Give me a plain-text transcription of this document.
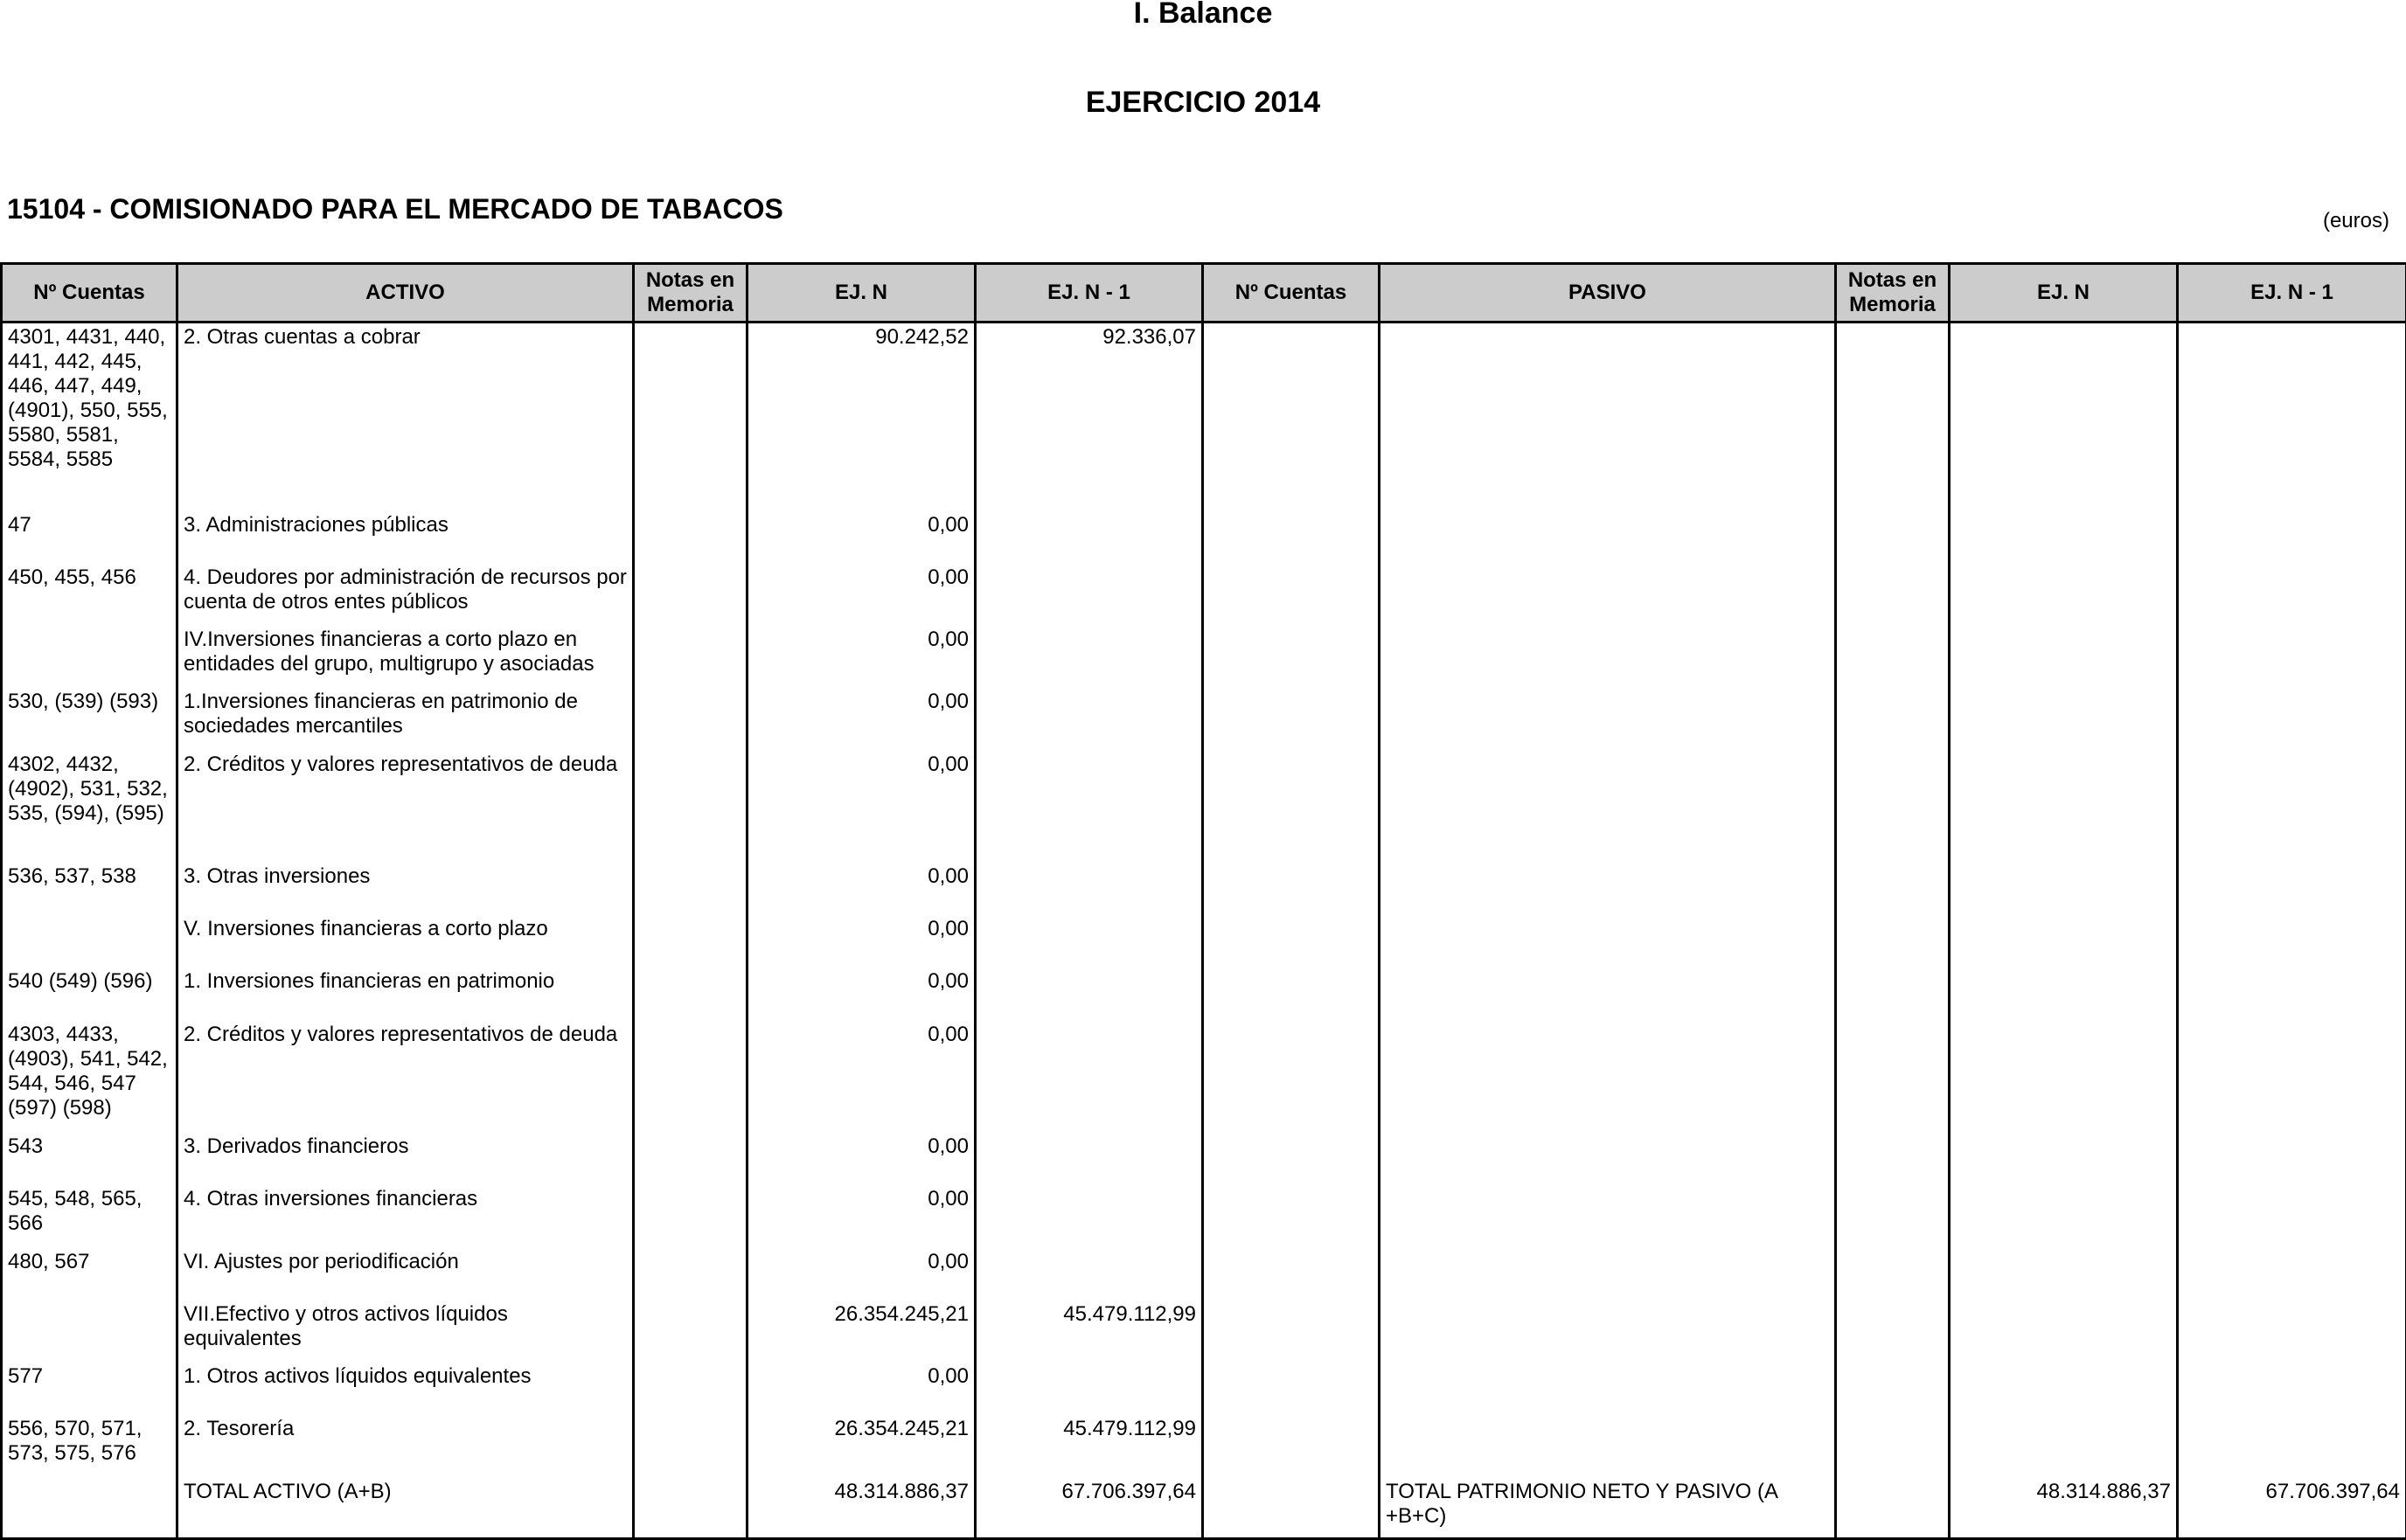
I. Balance
EJERCICIO 2014
15104 - COMISIONADO PARA EL MERCADO DE TABACOS	(euros)
Nº Cuentas	ACTIVO	Notas en Memoria	EJ. N	EJ. N - 1	Nº Cuentas	PASIVO	Notas en Memoria	EJ. N	EJ. N - 1
4301, 4431, 440, 441, 442, 445, 446, 447, 449, (4901), 550, 555, 5580, 5581, 5584, 5585	2. Otras cuentas a cobrar		90.242,52	92.336,07					
47	3. Administraciones públicas		0,00						
450, 455, 456	4. Deudores por administración de recursos por cuenta de otros entes públicos		0,00						
	IV.Inversiones financieras a corto plazo en entidades del grupo, multigrupo y asociadas		0,00						
530, (539) (593)	1.Inversiones financieras en patrimonio de sociedades mercantiles		0,00						
4302, 4432, (4902), 531, 532, 535, (594), (595)	2. Créditos y valores representativos de deuda		0,00						
536, 537, 538	3. Otras inversiones		0,00						
	V. Inversiones financieras a corto plazo		0,00						
540 (549) (596)	1. Inversiones financieras en patrimonio		0,00						
4303, 4433, (4903), 541, 542, 544, 546, 547 (597) (598)	2. Créditos y valores representativos de deuda		0,00						
543	3. Derivados financieros		0,00						
545, 548, 565, 566	4. Otras inversiones financieras		0,00						
480, 567	VI. Ajustes por periodificación		0,00						
	VII.Efectivo y otros activos líquidos equivalentes		26.354.245,21	45.479.112,99					
577	1. Otros activos líquidos equivalentes		0,00						
556, 570, 571, 573, 575, 576	2. Tesorería		26.354.245,21	45.479.112,99					
	TOTAL ACTIVO (A+B)		48.314.886,37	67.706.397,64		TOTAL PATRIMONIO NETO Y PASIVO (A +B+C)		48.314.886,37	67.706.397,64
